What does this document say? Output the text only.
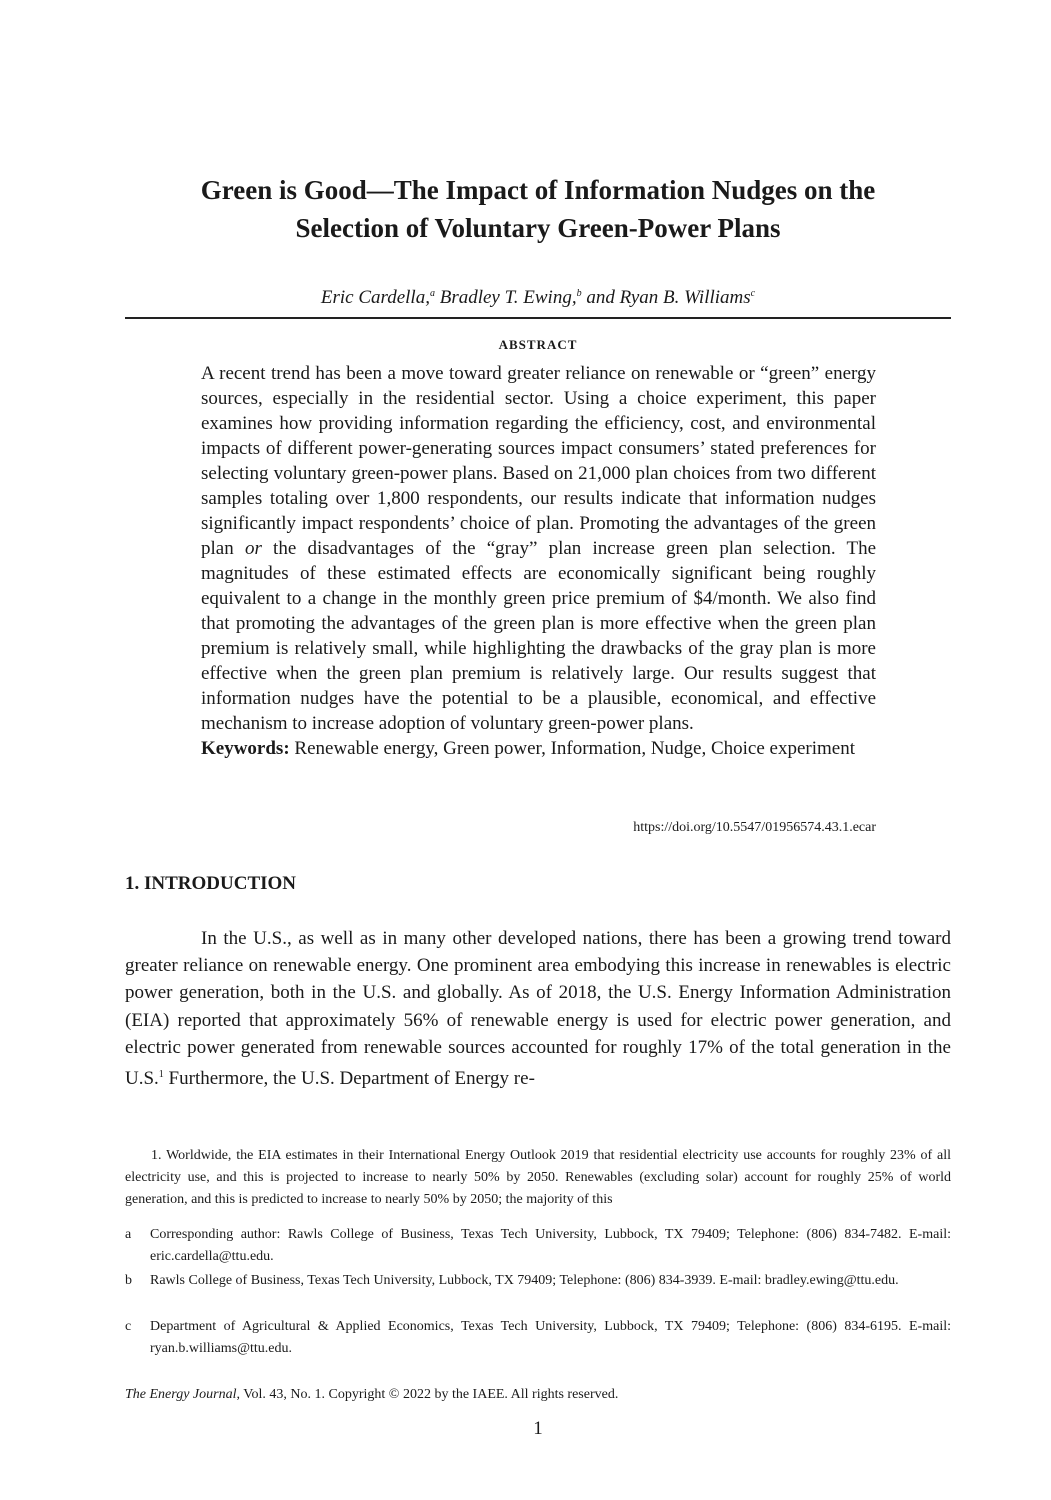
Green is Good—The Impact of Information Nudges on the
Selection of Voluntary Green-Power Plans
Eric Cardella,$^a$ Bradley T. Ewing,$^b$ and Ryan B. Williams$^c$
ABSTRACT

A recent trend has been a move toward greater reliance on renewable or “green” energy sources, especially in the residential sector. Using a choice experiment, this paper examines how providing information regarding the efficiency, cost, and environmental impacts of different power-generating sources impact consumers’ stated preferences for selecting voluntary green-power plans. Based on 21,000 plan choices from two different samples totaling over 1,800 respondents, our results indicate that information nudges significantly impact respondents’ choice of plan. Promoting the advantages of the green plan or the disadvantages of the “gray” plan increase green plan selection. The magnitudes of these estimated effects are economically significant being roughly equivalent to a change in the monthly green price premium of $4/month. We also find that promoting the advantages of the green plan is more effective when the green plan premium is relatively small, while highlighting the drawbacks of the gray plan is more effective when the green plan premium is relatively large. Our results suggest that information nudges have the potential to be a plausible, economical, and effective mechanism to increase adoption of voluntary green-power plans.

Keywords: Renewable energy, Green power, Information, Nudge, Choice experiment

https://doi.org/10.5547/01956574.43.1.ecar
1. INTRODUCTION

In the U.S., as well as in many other developed nations, there has been a growing trend toward greater reliance on renewable energy. One prominent area embodying this increase in renewables is electric power generation, both in the U.S. and globally. As of 2018, the U.S. Energy Information Administration (EIA) reported that approximately 56% of renewable energy is used for electric power generation, and electric power generated from renewable sources accounted for roughly 17% of the total generation in the U.S.$^1$ Furthermore, the U.S. Department of Energy re-

1. Worldwide, the EIA estimates in their International Energy Outlook 2019 that residential electricity use accounts for roughly 23% of all electricity use, and this is projected to increase to nearly 50% by 2050. Renewables (excluding solar) account for roughly 25% of world generation, and this is predicted to increase to nearly 50% by 2050; the majority of this

a	Corresponding author: Rawls College of Business, Texas Tech University, Lubbock, TX 79409; Telephone: (806) 834-7482. E-mail: eric.cardella@ttu.edu.
b	Rawls College of Business, Texas Tech University, Lubbock, TX 79409; Telephone: (806) 834-3939. E-mail: bradley.ewing@ttu.edu.
c	Department of Agricultural & Applied Economics, Texas Tech University, Lubbock, TX 79409; Telephone: (806) 834-6195. E-mail: ryan.b.williams@ttu.edu.
The Energy Journal, Vol. 43, No. 1. Copyright © 2022 by the IAEE. All rights reserved.
1
